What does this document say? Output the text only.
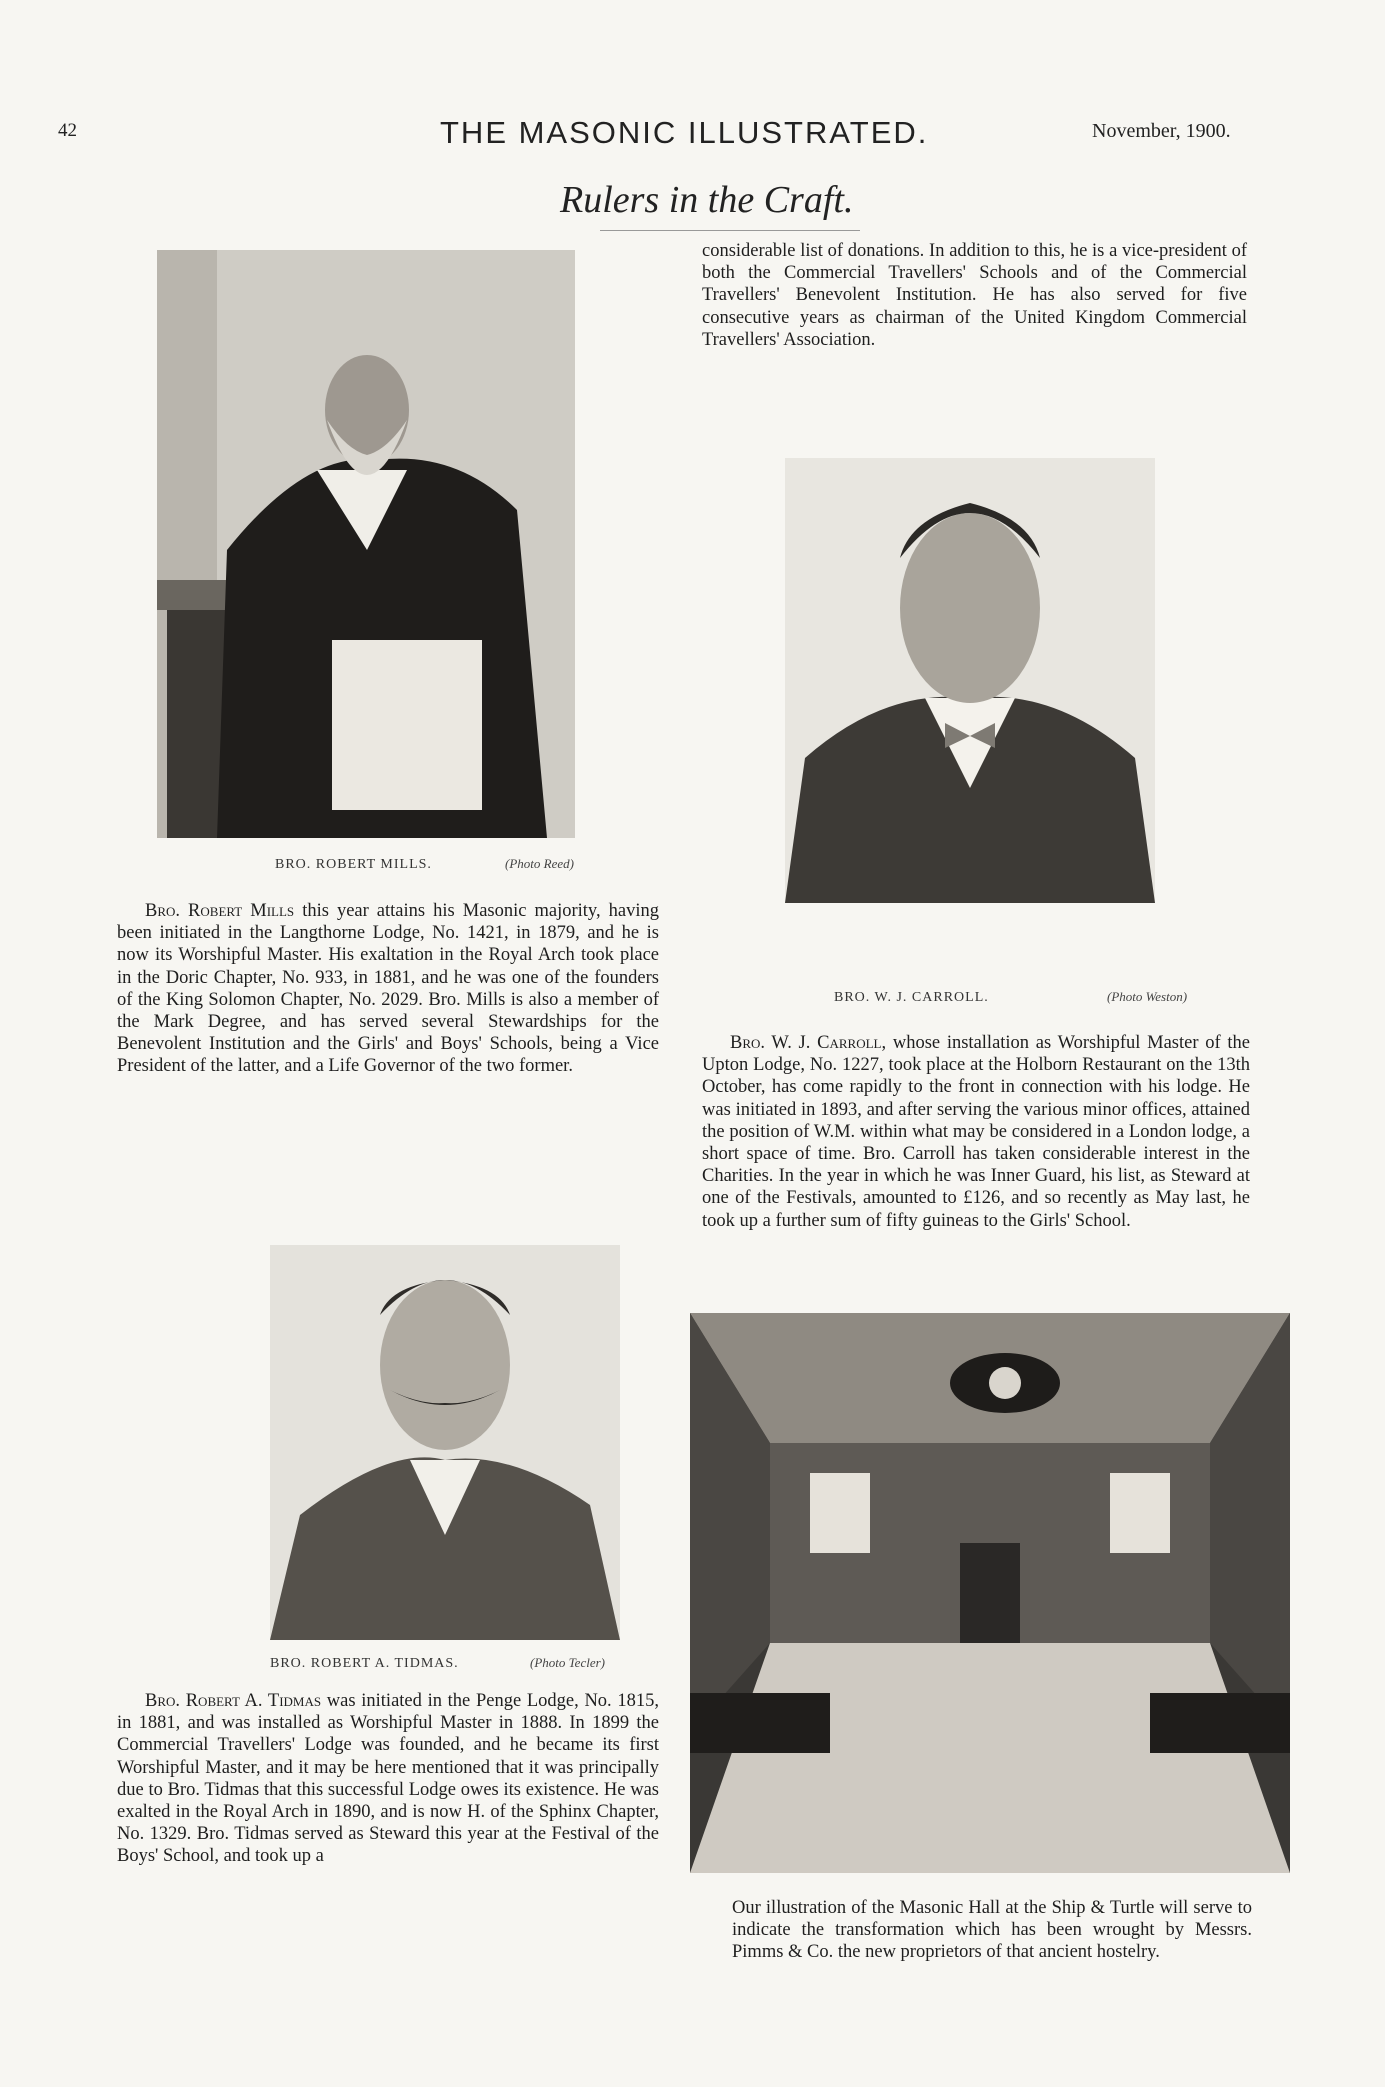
42	THE MASONIC ILLUSTRATED.	November, 1900.
Rulers in the Craft.
BRO. ROBERT MILLS.	(Photo Reed)
Bro. Robert Mills this year attains his Masonic majority, having been initiated in the Langthorne Lodge, No. 1421, in 1879, and he is now its Worshipful Master. His exaltation in the Royal Arch took place in the Doric Chapter, No. 933, in 1881, and he was one of the founders of the King Solomon Chapter, No. 2029. Bro. Mills is also a member of the Mark Degree, and has served several Stewardships for the Benevolent Institution and the Girls' and Boys' Schools, being a Vice President of the latter, and a Life Governor of the two former.
BRO. ROBERT A. TIDMAS.	(Photo Tecler)
Bro. Robert A. Tidmas was initiated in the Penge Lodge, No. 1815, in 1881, and was installed as Worshipful Master in 1888. In 1899 the Commercial Travellers' Lodge was founded, and he became its first Worshipful Master, and it may be here mentioned that it was principally due to Bro. Tidmas that this successful Lodge owes its existence. He was exalted in the Royal Arch in 1890, and is now H. of the Sphinx Chapter, No. 1329. Bro. Tidmas served as Steward this year at the Festival of the Boys' School, and took up a
considerable list of donations. In addition to this, he is a vice-president of both the Commercial Travellers' Schools and of the Commercial Travellers' Benevolent Institution. He has also served for five consecutive years as chairman of the United Kingdom Commercial Travellers' Association.
BRO. W. J. CARROLL.	(Photo Weston)
Bro. W. J. Carroll, whose installation as Worshipful Master of the Upton Lodge, No. 1227, took place at the Holborn Restaurant on the 13th October, has come rapidly to the front in connection with his lodge. He was initiated in 1893, and after serving the various minor offices, attained the position of W.M. within what may be considered in a London lodge, a short space of time. Bro. Carroll has taken considerable interest in the Charities. In the year in which he was Inner Guard, his list, as Steward at one of the Festivals, amounted to £126, and so recently as May last, he took up a further sum of fifty guineas to the Girls' School.
Our illustration of the Masonic Hall at the Ship & Turtle will serve to indicate the transformation which has been wrought by Messrs. Pimms & Co. the new proprietors of that ancient hostelry.
